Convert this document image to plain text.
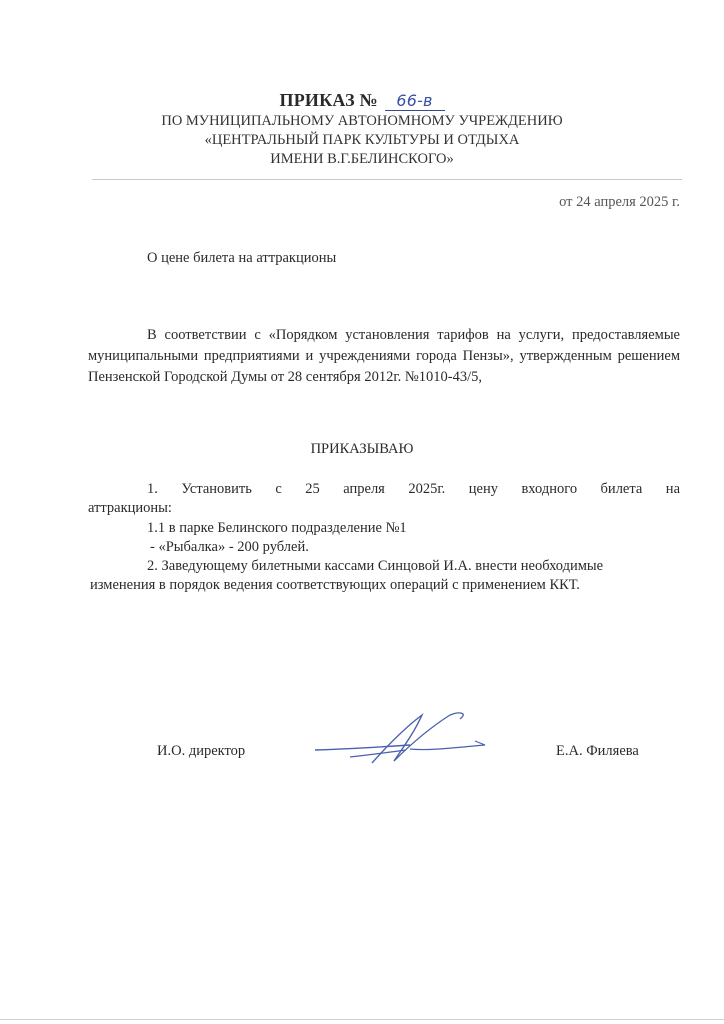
ПРИКАЗ № 66-в
ПО МУНИЦИПАЛЬНОМУ АВТОНОМНОМУ УЧРЕЖДЕНИЮ
«ЦЕНТРАЛЬНЫЙ ПАРК КУЛЬТУРЫ И ОТДЫХА
ИМЕНИ В.Г.БЕЛИНСКОГО»
от 24 апреля 2025 г.
О цене билета на аттракционы
В соответствии с «Порядком установления тарифов на услуги, предоставляемые муниципальными предприятиями и учреждениями города Пензы», утвержденным решением Пензенской Городской Думы от 28 сентября 2012г. №1010-43/5,
ПРИКАЗЫВАЮ
1. Установить с 25 апреля 2025г. цену входного билета на
аттракционы:
1.1 в парке Белинского подразделение №1
- «Рыбалка» - 200 рублей.
2. Заведующему билетными кассами Синцовой И.А. внести необходимые
изменения в порядок ведения соответствующих операций с применением ККТ.
И.О. директор	Е.А. Филяева
